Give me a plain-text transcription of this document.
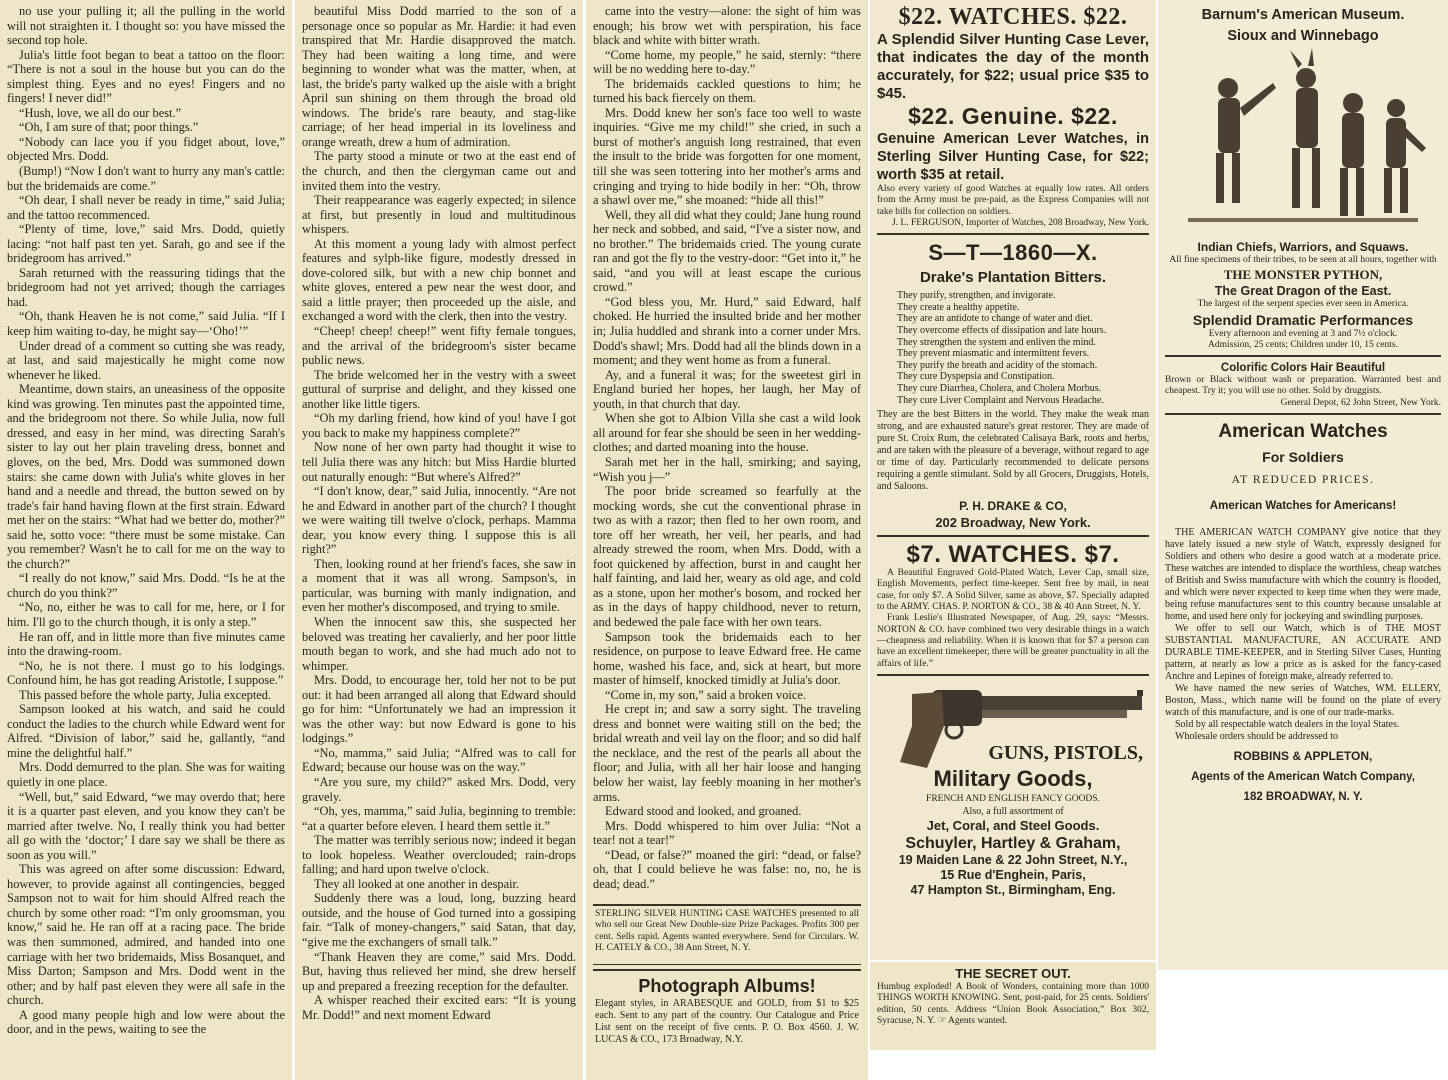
no use your pulling it; all the pulling in the world will not straighten it. I thought so: you have missed the second top hole.

Julia's little foot began to beat a tattoo on the floor: “There is not a soul in the house but you can do the simplest thing. Eyes and no eyes! Fingers and no fingers! I never did!”

“Hush, love, we all do our best.”

“Oh, I am sure of that; poor things.”

“Nobody can lace you if you fidget about, love,” objected Mrs. Dodd.

(Bump!) “Now I don't want to hurry any man's cattle: but the bridemaids are come.”

“Oh dear, I shall never be ready in time,” said Julia; and the tattoo recommenced.

“Plenty of time, love,” said Mrs. Dodd, quietly lacing: “not half past ten yet. Sarah, go and see if the bridegroom has arrived.”

Sarah returned with the reassuring tidings that the bridegroom had not yet arrived; though the carriages had.

“Oh, thank Heaven he is not come,” said Julia. “If I keep him waiting to-day, he might say—‘Oho!’”

Under dread of a comment so cutting she was ready, at last, and said majestically he might come now whenever he liked.

Meantime, down stairs, an uneasiness of the opposite kind was growing. Ten minutes past the appointed time, and the bridegroom not there. So while Julia, now full dressed, and easy in her mind, was directing Sarah's sister to lay out her plain traveling dress, bonnet and gloves, on the bed, Mrs. Dodd was summoned down stairs: she came down with Julia's white gloves in her hand and a needle and thread, the button sewed on by trade's fair hand having flown at the first strain. Edward met her on the stairs: “What had we better do, mother?” said he, sotto voce: “there must be some mistake. Can you remember? Wasn't he to call for me on the way to the church?”

“I really do not know,” said Mrs. Dodd. “Is he at the church do you think?”

“No, no, either he was to call for me, here, or I for him. I'll go to the church though, it is only a step.”

He ran off, and in little more than five minutes came into the drawing-room.

“No, he is not there. I must go to his lodgings. Confound him, he has got reading Aristotle, I suppose.”

This passed before the whole party, Julia excepted.

Sampson looked at his watch, and said he could conduct the ladies to the church while Edward went for Alfred. “Division of labor,” said he, gallantly, “and mine the delightful half.”

Mrs. Dodd demurred to the plan. She was for waiting quietly in one place.

“Well, but,” said Edward, “we may overdo that; here it is a quarter past eleven, and you know they can't be married after twelve. No, I really think you had better all go with the ‘doctor;’ I dare say we shall be there as soon as you will.”

This was agreed on after some discussion: Edward, however, to provide against all contingencies, begged Sampson not to wait for him should Alfred reach the church by some other road: “I'm only groomsman, you know,” said he. He ran off at a racing pace. The bride was then summoned, admired, and handed into one carriage with her two bridemaids, Miss Bosanquet, and Miss Darton; Sampson and Mrs. Dodd went in the other; and by half past eleven they were all safe in the church.

A good many people high and low were about the door, and in the pews, waiting to see the

beautiful Miss Dodd married to the son of a personage once so popular as Mr. Hardie: it had even transpired that Mr. Hardie disapproved the match. They had been waiting a long time, and were beginning to wonder what was the matter, when, at last, the bride's party walked up the aisle with a bright April sun shining on them through the broad old windows. The bride's rare beauty, and stag-like carriage; of her head imperial in its loveliness and orange wreath, drew a hum of admiration.

The party stood a minute or two at the east end of the church, and then the clergyman came out and invited them into the vestry.

Their reappearance was eagerly expected; in silence at first, but presently in loud and multitudinous whispers.

At this moment a young lady with almost perfect features and sylph-like figure, modestly dressed in dove-colored silk, but with a new chip bonnet and white gloves, entered a pew near the west door, and said a little prayer; then proceeded up the aisle, and exchanged a word with the clerk, then into the vestry.

“Cheep! cheep! cheep!” went fifty female tongues, and the arrival of the bridegroom's sister became public news.

The bride welcomed her in the vestry with a sweet guttural of surprise and delight, and they kissed one another like little tigers.

“Oh my darling friend, how kind of you! have I got you back to make my happiness complete?”

Now none of her own party had thought it wise to tell Julia there was any hitch: but Miss Hardie blurted out naturally enough: “But where's Alfred?”

“I don't know, dear,” said Julia, innocently. “Are not he and Edward in another part of the church? I thought we were waiting till twelve o'clock, perhaps. Mamma dear, you know every thing. I suppose this is all right?”

Then, looking round at her friend's faces, she saw in a moment that it was all wrong. Sampson's, in particular, was burning with manly indignation, and even her mother's discomposed, and trying to smile.

When the innocent saw this, she suspected her beloved was treating her cavalierly, and her poor little mouth began to work, and she had much ado not to whimper.

Mrs. Dodd, to encourage her, told her not to be put out: it had been arranged all along that Edward should go for him: “Unfortunately we had an impression it was the other way: but now Edward is gone to his lodgings.”

“No, mamma,” said Julia; “Alfred was to call for Edward; because our house was on the way.”

“Are you sure, my child?” asked Mrs. Dodd, very gravely.

“Oh, yes, mamma,” said Julia, beginning to tremble: “at a quarter before eleven. I heard them settle it.”

The matter was terribly serious now; indeed it began to look hopeless. Weather overclouded; rain-drops falling; and hard upon twelve o'clock.

They all looked at one another in despair.

Suddenly there was a loud, long, buzzing heard outside, and the house of God turned into a gossiping fair. “Talk of money-changers,” said Satan, that day, “give me the exchangers of small talk.”

“Thank Heaven they are come,” said Mrs. Dodd. But, having thus relieved her mind, she drew herself up and prepared a freezing reception for the defaulter.

A whisper reached their excited ears: “It is young Mr. Dodd!” and next moment Edward

came into the vestry—alone: the sight of him was enough; his brow wet with perspiration, his face black and white with bitter wrath.

“Come home, my people,” he said, sternly: “there will be no wedding here to-day.”

The bridemaids cackled questions to him; he turned his back fiercely on them.

Mrs. Dodd knew her son's face too well to waste inquiries. “Give me my child!” she cried, in such a burst of mother's anguish long restrained, that even the insult to the bride was forgotten for one moment, till she was seen tottering into her mother's arms and cringing and trying to hide bodily in her: “Oh, throw a shawl over me,” she moaned: “hide all this!”

Well, they all did what they could; Jane hung round her neck and sobbed, and said, “I've a sister now, and no brother.” The bridemaids cried. The young curate ran and got the fly to the vestry-door: “Get into it,” he said, “and you will at least escape the curious crowd.”

“God bless you, Mr. Hurd,” said Edward, half choked. He hurried the insulted bride and her mother in; Julia huddled and shrank into a corner under Mrs. Dodd's shawl; Mrs. Dodd had all the blinds down in a moment; and they went home as from a funeral.

Ay, and a funeral it was; for the sweetest girl in England buried her hopes, her laugh, her May of youth, in that church that day.

When she got to Albion Villa she cast a wild look all around for fear she should be seen in her wedding-clothes; and darted moaning into the house.

Sarah met her in the hall, smirking; and saying, “Wish you j—”

The poor bride screamed so fearfully at the mocking words, she cut the conventional phrase in two as with a razor; then fled to her own room, and tore off her wreath, her veil, her pearls, and had already strewed the room, when Mrs. Dodd, with a foot quickened by affection, burst in and caught her half fainting, and laid her, weary as old age, and cold as a stone, upon her mother's bosom, and rocked her as in the days of happy childhood, never to return, and bedewed the pale face with her own tears.

Sampson took the bridemaids each to her residence, on purpose to leave Edward free. He came home, washed his face, and, sick at heart, but more master of himself, knocked timidly at Julia's door.

“Come in, my son,” said a broken voice.

He crept in; and saw a sorry sight. The traveling dress and bonnet were waiting still on the bed; the bridal wreath and veil lay on the floor; and so did half the necklace, and the rest of the pearls all about the floor; and Julia, with all her hair loose and hanging below her waist, lay feebly moaning in her mother's arms.

Edward stood and looked, and groaned.

Mrs. Dodd whispered to him over Julia: “Not a tear! not a tear!”

“Dead, or false?” moaned the girl: “dead, or false? oh, that I could believe he was false: no, no, he is dead; dead.”

STERLING SILVER HUNTING CASE WATCHES presented to all who sell our Great New Double-size Prize Packages. Profits 300 per cent. Sells rapid. Agents wanted everywhere. Send for Circulars. W. H. CATELY & CO., 38 Ann Street, N. Y.
Photograph Albums!
Elegant styles, in ARABESQUE and GOLD, from $1 to $25 each. Sent to any part of the country. Our Catalogue and Price List sent on the receipt of five cents. P. O. Box 4560. J. W. LUCAS & CO., 173 Broadway, N.Y.
$22. WATCHES. $22.
A Splendid Silver Hunting Case Lever, that indicates the day of the month accurately, for $22; usual price $35 to $45.
$22. Genuine. $22.
Genuine American Lever Watches, in Sterling Silver Hunting Case, for $22; worth $35 at retail.
Also every variety of good Watches at equally low rates. All orders from the Army must be pre-paid, as the Express Companies will not take bills for collection on soldiers.
J. L. FERGUSON, Importer of Watches, 208 Broadway, New York.
S—T—1860—X.
Drake's Plantation Bitters.
They purify, strengthen, and invigorate.
They create a healthy appetite.
They are an antidote to change of water and diet.
They overcome effects of dissipation and late hours.
They strengthen the system and enliven the mind.
They prevent miasmatic and intermittent fevers.
They purify the breath and acidity of the stomach.
They cure Dyspepsia and Constipation.
They cure Diarrhea, Cholera, and Cholera Morbus.
They cure Liver Complaint and Nervous Headache.
They are the best Bitters in the world. They make the weak man strong, and are exhausted nature's great restorer. They are made of pure St. Croix Rum, the celebrated Calisaya Bark, roots and herbs, and are taken with the pleasure of a beverage, without regard to age or time of day. Particularly recommended to delicate persons requiring a gentle stimulant. Sold by all Grocers, Druggists, Hotels, and Saloons.
P. H. DRAKE & CO,
202 Broadway, New York.
$7. WATCHES. $7.
A Beautiful Engraved Gold-Plated Watch, Lever Cap, small size, English Movements, perfect time-keeper. Sent free by mail, in neat case, for only $7. A Solid Silver, same as above, $7. Specially adapted to the ARMY. CHAS. P. NORTON & CO., 38 & 40 Ann Street, N. Y.
Frank Leslie's Illustrated Newspaper, of Aug. 29, says: “Messrs. NORTON & CO. have combined two very desirable things in a watch—cheapness and reliability. When it is known that for $7 a person can have an excellent timekeeper, there will be greater punctuality in all the affairs of life.”
GUNS, PISTOLS,
Military Goods,
FRENCH AND ENGLISH FANCY GOODS.
Also, a full assortment of
Jet, Coral, and Steel Goods.
Schuyler, Hartley & Graham,
19 Maiden Lane & 22 John Street, N.Y.,
15 Rue d'Enghein, Paris,
47 Hampton St., Birmingham, Eng.
THE SECRET OUT.
Humbug exploded! A Book of Wonders, containing more than 1000 THINGS WORTH KNOWING. Sent, post-paid, for 25 cents. Soldiers' edition, 50 cents. Address “Union Book Association,” Box 302, Syracuse, N. Y. ☞ Agents wanted.
Barnum's American Museum.
Sioux and Winnebago
Indian Chiefs, Warriors, and Squaws.
All fine specimens of their tribes, to be seen at all hours, together with
THE MONSTER PYTHON,
The Great Dragon of the East.
The largest of the serpent species ever seen in America.
Splendid Dramatic Performances
Every afternoon and evening at 3 and 7½ o'clock.
Admission, 25 cents; Children under 10, 15 cents.
Colorific Colors Hair Beautiful
Brown or Black without wash or preparation. Warranted best and cheapest. Try it; you will use no other. Sold by druggists.
General Depot, 62 John Street, New York.
American Watches
For Soldiers
AT REDUCED PRICES.
American Watches for Americans!
THE AMERICAN WATCH COMPANY give notice that they have lately issued a new style of Watch, expressly designed for Soldiers and others who desire a good watch at a moderate price. These watches are intended to displace the worthless, cheap watches of British and Swiss manufacture with which the country is flooded, and which were never expected to keep time when they were made, being refuse manufactures sent to this country because unsalable at home, and used here only for jockeying and swindling purposes.
We offer to sell our Watch, which is of THE MOST SUBSTANTIAL MANUFACTURE, AN ACCURATE AND DURABLE TIME-KEEPER, and in Sterling Silver Cases, Hunting pattern, at nearly as low a price as is asked for the fancy-cased Anchre and Lepines of foreign make, already referred to.
We have named the new series of Watches, WM. ELLERY, Boston, Mass., which name will be found on the plate of every watch of this manufacture, and is one of our trade-marks.
Sold by all respectable watch dealers in the loyal States.
Wholesale orders should be addressed to
ROBBINS & APPLETON,
Agents of the American Watch Company,
182 BROADWAY, N. Y.
